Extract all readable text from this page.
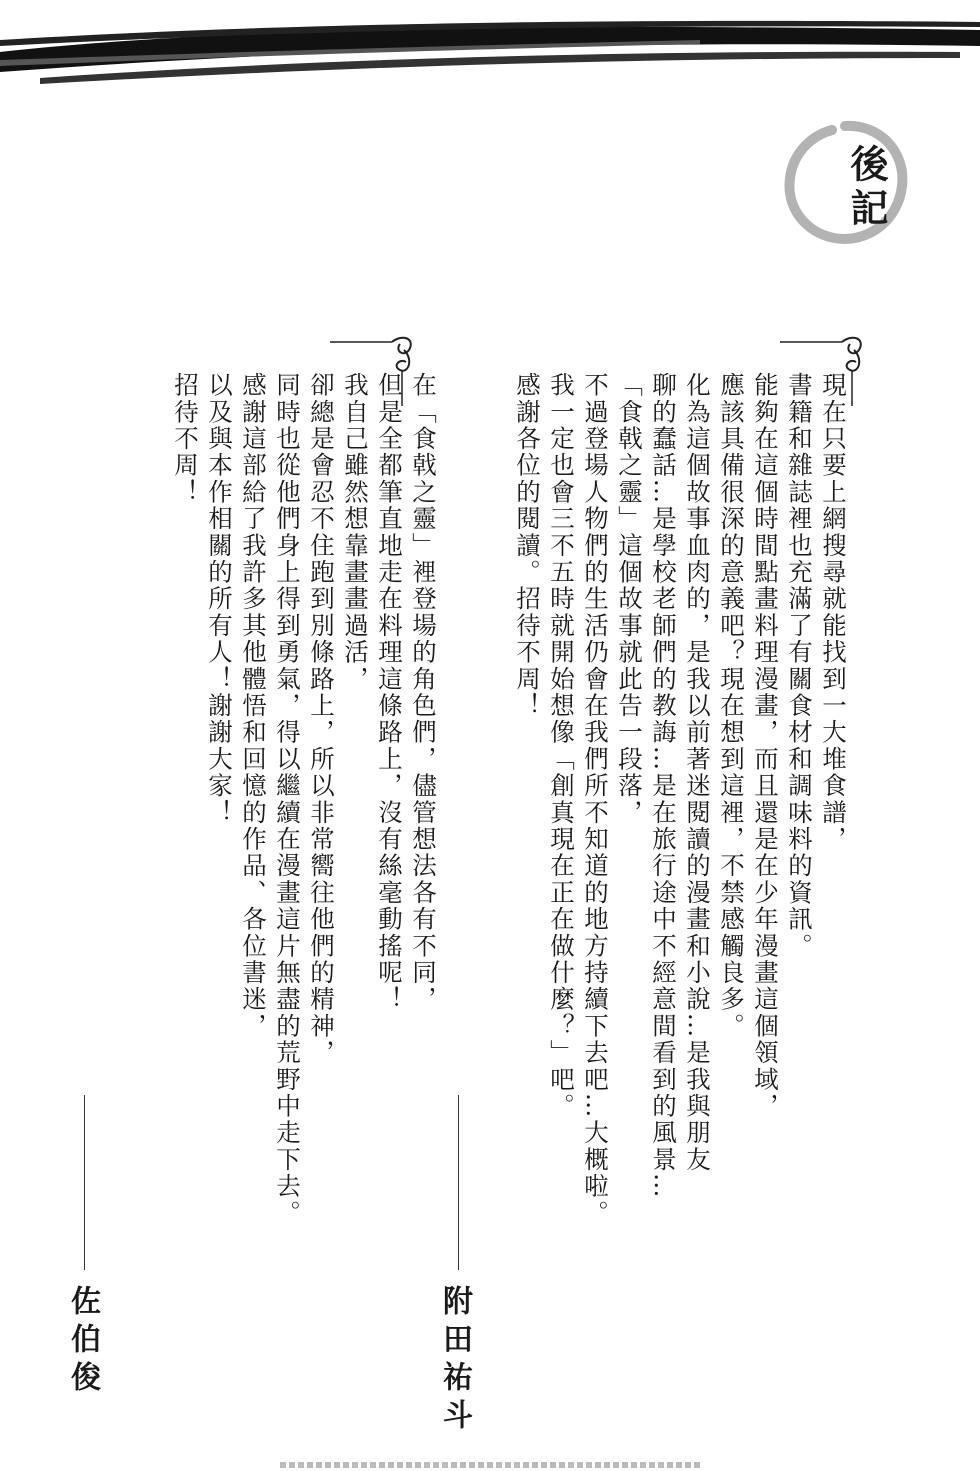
後記

現在只要上網搜尋就能找到一大堆食譜，

書籍和雜誌裡也充滿了有關食材和調味料的資訊。

能夠在這個時間點畫料理漫畫，而且還是在少年漫畫這個領域，

應該具備很深的意義吧？現在想到這裡，不禁感觸良多。

化為這個故事血肉的，是我以前著迷閱讀的漫畫和小說…是我與朋友

聊的蠢話…是學校老師們的教誨…是在旅行途中不經意間看到的風景…

「食戟之靈」這個故事就此告一段落，

不過登場人物們的生活仍會在我們所不知道的地方持續下去吧…大概啦。

我一定也會三不五時就開始想像「創真現在正在做什麼？」吧。

感謝各位的閱讀。招待不周！

在「食戟之靈」裡登場的角色們，儘管想法各有不同，

但是全都筆直地走在料理這條路上，沒有絲毫動搖呢！

我自己雖然想靠畫畫過活，

卻總是會忍不住跑到別條路上，所以非常嚮往他們的精神，

同時也從他們身上得到勇氣，得以繼續在漫畫這片無盡的荒野中走下去。

感謝這部給了我許多其他體悟和回憶的作品、各位書迷，

以及與本作相關的所有人！謝謝大家！

招待不周！

附田祐斗
佐伯俊
